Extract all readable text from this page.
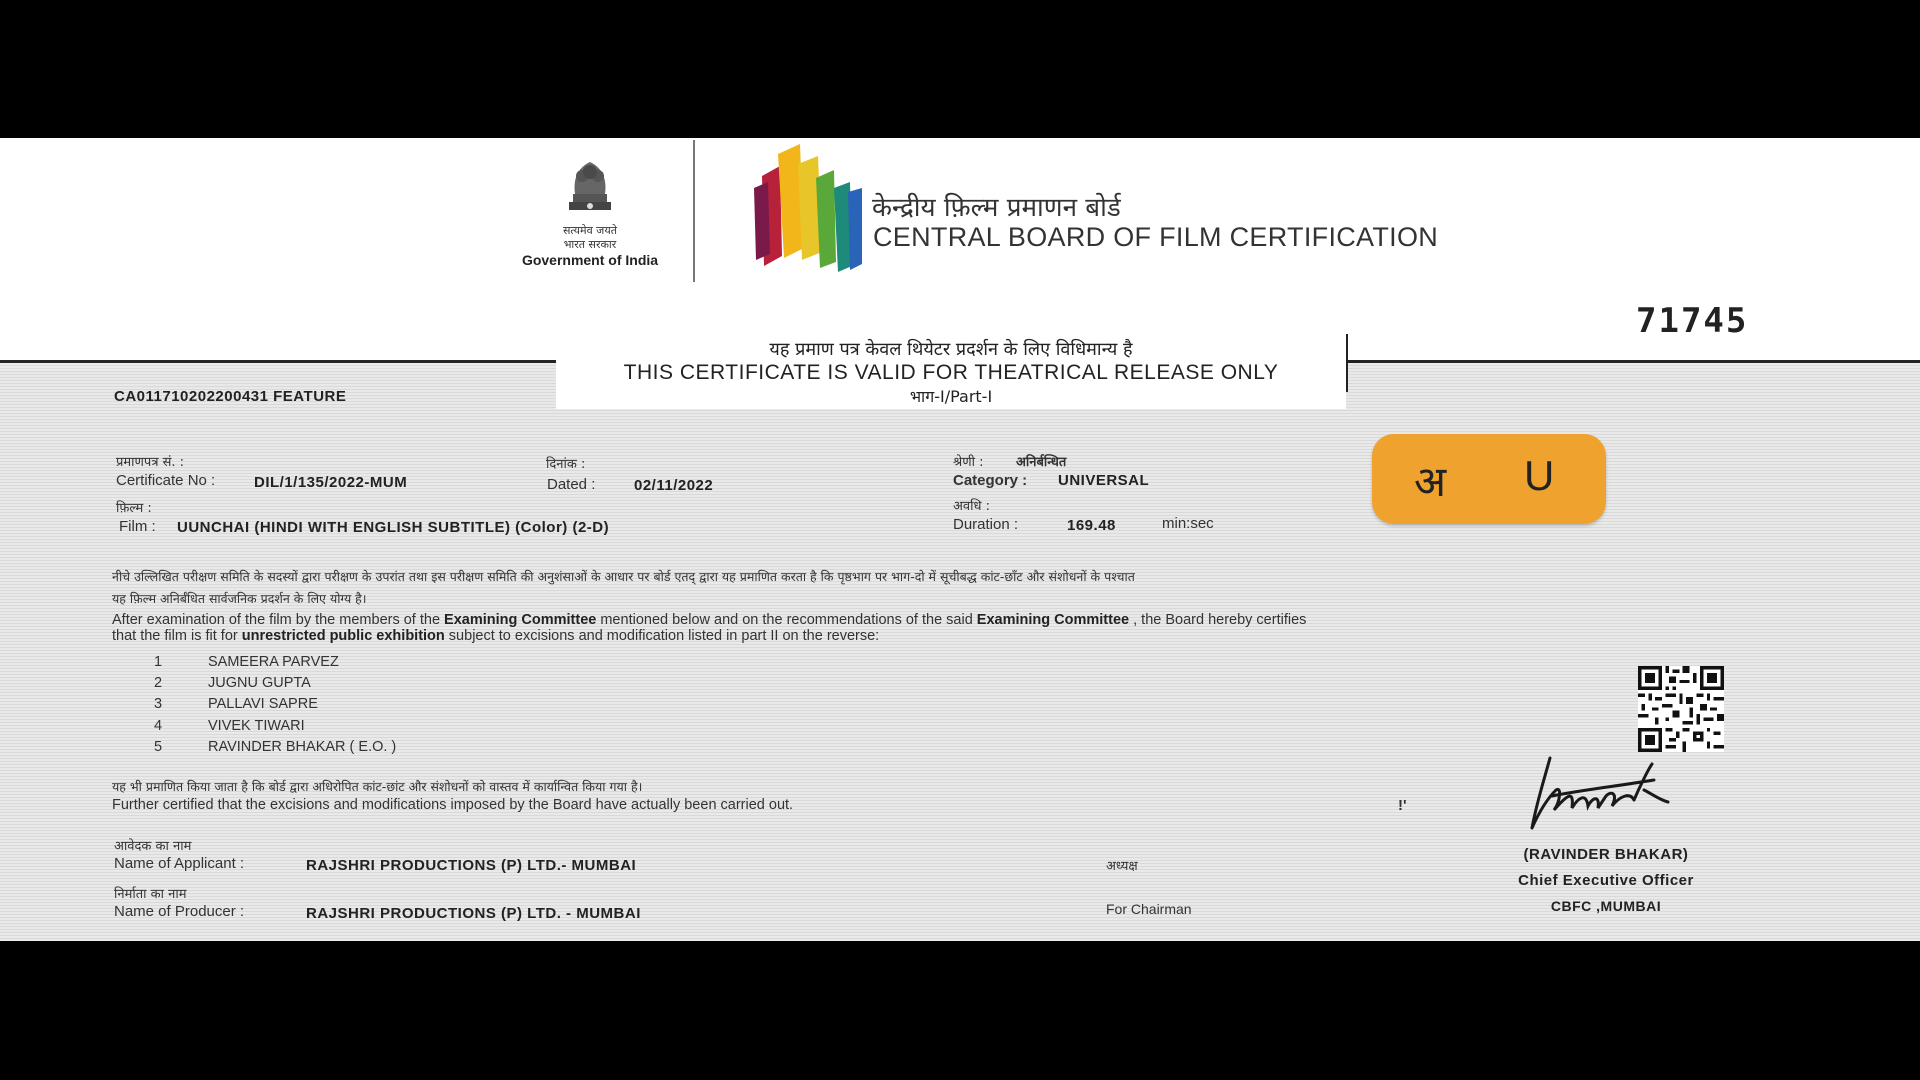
सत्यमेव जयते
भारत सरकार
Government of India
केन्द्रीय फ़िल्म प्रमाणन बोर्ड
CENTRAL BOARD OF FILM CERTIFICATION
71745
यह प्रमाण पत्र केवल थियेटर प्रदर्शन के लिए विधिमान्य है
THIS CERTIFICATE IS VALID FOR THEATRICAL RELEASE ONLY
भाग-I/Part-I
CA011710202200431 FEATURE
प्रमाणपत्र सं. :
Certificate No :	DIL/1/135/2022-MUM
दिनांक :
Dated :	02/11/2022
फ़िल्म :
Film : UUNCHAI (HINDI WITH ENGLISH SUBTITLE) (Color) (2-D)
श्रेणी :	अनिर्बन्धित
Category : UNIVERSAL
अवधि :
Duration :	169.48	min:sec
अ U
नीचे उल्लिखित परीक्षण समिति के सदस्यों द्वारा परीक्षण के उपरांत तथा इस परीक्षण समिति की अनुशंसाओं के आधार पर बोर्ड एतद् द्वारा यह प्रमाणित करता है कि पृष्ठभाग पर भाग-दो में सूचीबद्ध कांट-छाँट और संशोधनों के पश्चात
यह फ़िल्म अनिर्बंधित सार्वजनिक प्रदर्शन के लिए योग्य है।
After examination of the film by the members of the Examining Committee mentioned below and on the recommendations of the said Examining Committee , the Board hereby certifies
that the film is fit for unrestricted public exhibition subject to excisions and modification listed in part II on the reverse:
1	SAMEERA PARVEZ
2	JUGNU GUPTA
3	PALLAVI SAPRE
4	VIVEK TIWARI
5	RAVINDER BHAKAR ( E.O. )
यह भी प्रमाणित किया जाता है कि बोर्ड द्वारा अधिरोपित कांट-छांट और संशोधनों को वास्तव में कार्यान्वित किया गया है।
Further certified that the excisions and modifications imposed by the Board have actually been carried out.	!'
(RAVINDER BHAKAR)
Chief Executive Officer
CBFC ,MUMBAI
आवेदक का नाम
Name of Applicant :	RAJSHRI PRODUCTIONS (P) LTD.- MUMBAI
निर्माता का नाम
Name of Producer :	RAJSHRI PRODUCTIONS (P) LTD. - MUMBAI
अध्यक्ष
For Chairman
